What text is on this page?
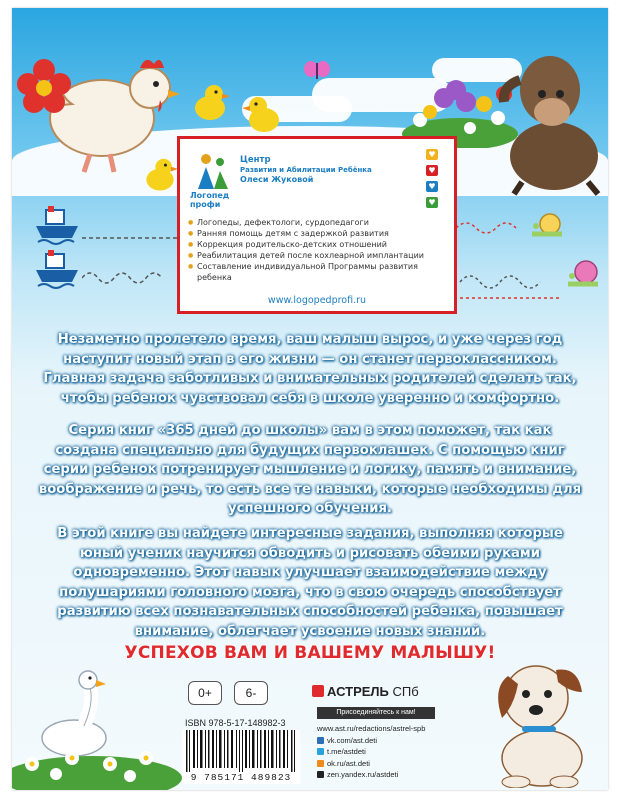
Логопед
профи
Центр
Развития и Абилитации Ребёнка
Олеси Жуковой
♥
♥
♥
♥
● Логопеды, дефектологи, сурдопедагоги
● Ранняя помощь детям с задержкой развития
● Коррекция родительско-детских отношений
● Реабилитация детей после кохлеарной имплантации
● Составление индивидуальной Программы развития ребенка
www.logopedprofi.ru
Незаметно пролетело время, ваш малыш вырос, и уже через год наступит новый этап в его жизни — он станет первоклассником. Главная задача заботливых и внимательных родителей сделать так, чтобы ребенок чувствовал себя в школе уверенно и комфортно.
Серия книг «365 дней до школы» вам в этом поможет, так как создана специально для будущих первоклашек. С помощью книг серии ребенок потренирует мышление и логику, память и внимание, воображение и речь, то есть все те навыки, которые необходимы для успешного обучения.
В этой книге вы найдете интересные задания, выполняя которые юный ученик научится обводить и рисовать обеими руками одновременно. Этот навык улучшает взаимодействие между полушариями головного мозга, что в свою очередь способствует развитию всех познавательных способностей ребенка, повышает внимание, облегчает усвоение новых знаний.
УСПЕХОВ ВАМ И ВАШЕМУ МАЛЫШУ!
0+	6-	АСТРЕЛЬ СПб
Присоединяйтесь к нам!
www.ast.ru/redactions/astrel-spb
vk.com/ast.deti
t.me/astdeti
ok.ru/ast.deti
zen.yandex.ru/astdeti
ISBN 978-5-17-148982-3
9 785171 489823
